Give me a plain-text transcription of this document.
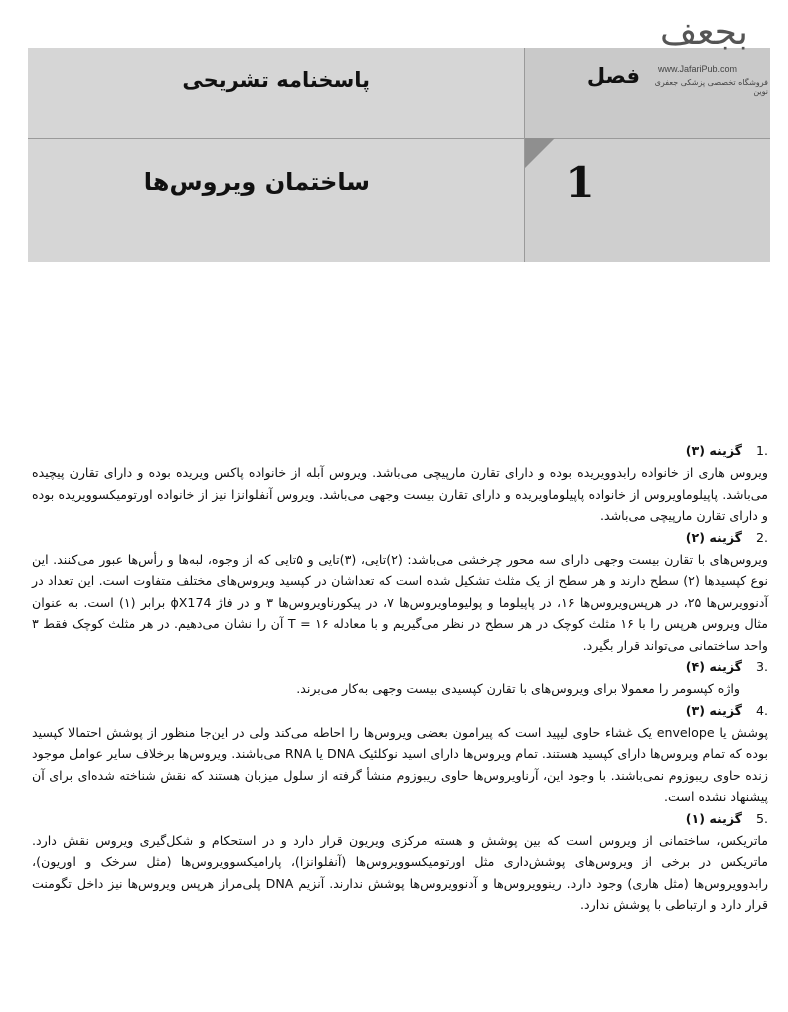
پاسخنامه تشریحی
ساختمان ویروس‌ها
فصل
1
بجعف
www.JafariPub.com
فروشگاه تخصصی پزشکی جعفری نوین
.1
گزینه (۳)

ویروس هاری از خانواده رابدوویریده بوده و دارای تقارن مارپیچی می‌باشد. ویروس آبله از خانواده پاکس ویریده بوده و دارای تقارن پیچیده می‌باشد. پاپیلوماویروس از خانواده پاپیلوماویریده و دارای تقارن بیست وجهی می‌باشد. ویروس آنفلوانزا نیز از خانواده اورتومیکسوویریده بوده و دارای تقارن مارپیچی می‌باشد.

.2
گزینه (۲)

ویروس‌های با تقارن بیست وجهی دارای سه محور چرخشی می‌باشد: (۲)تایی، (۳)تایی و ۵تایی که از وجوه، لبه‌ها و رأس‌ها عبور می‌کنند. این نوع کپسیدها (۲) سطح دارند و هر سطح از یک مثلث تشکیل شده است که تعداشان در کپسید ویروس‌های مختلف متفاوت است. این تعداد در آدنوویرس‌ها ۲۵، در هرپس‌ویروس‌ها ۱۶، در پاپیلوما و پولیوماویروس‌ها ۷، در پیکورناویروس‌ها ۳ و در فاژ ϕX174 برابر (۱) است. به عنوان مثال ویروس هرپس را با ۱۶ مثلث کوچک در هر سطح در نظر می‌گیریم و با معادله ۱۶ = T آن را نشان می‌دهیم. در هر مثلث کوچک فقط ۳ واحد ساختمانی می‌تواند قرار بگیرد.

.3
گزینه (۴)

واژه کپسومر را معمولا برای ویروس‌های با تقارن کپسیدی بیست وجهی به‌کار می‌برند.

.4
گزینه (۳)

پوشش یا envelope یک غشاء حاوی لیپید است که پیرامون بعضی ویروس‌ها را احاطه می‌کند ولی در این‌جا منظور از پوشش احتمالا کپسید بوده که تمام ویروس‌ها دارای کپسید هستند. تمام ویروس‌ها دارای اسید نوکلئیک DNA یا RNA می‌باشند. ویروس‌ها برخلاف سایر عوامل موجود زنده حاوی ریبوزوم نمی‌باشند. با وجود این، آرناویروس‌ها حاوی ریبوزوم منشأ گرفته از سلول میزبان هستند که نقش شناخته شده‌ای برای آن پیشنهاد نشده است.

.5
گزینه (۱)

ماتریکس، ساختمانی از ویروس است که بین پوشش و هسته مرکزی ویریون قرار دارد و در استحکام و شکل‌گیری ویروس نقش دارد. ماتریکس در برخی از ویروس‌های پوشش‌داری مثل اورتومیکسوویروس‌ها (آنفلوانزا)، پارامیکسوویروس‌ها (مثل سرخک و اوریون)، رابدوویروس‌ها (مثل هاری) وجود دارد. رینوویروس‌ها و آدنوویروس‌ها پوشش ندارند. آنزیم DNA پلی‌مراز هرپس ویروس‌ها نیز داخل تگومنت قرار دارد و ارتباطی با پوشش ندارد.
